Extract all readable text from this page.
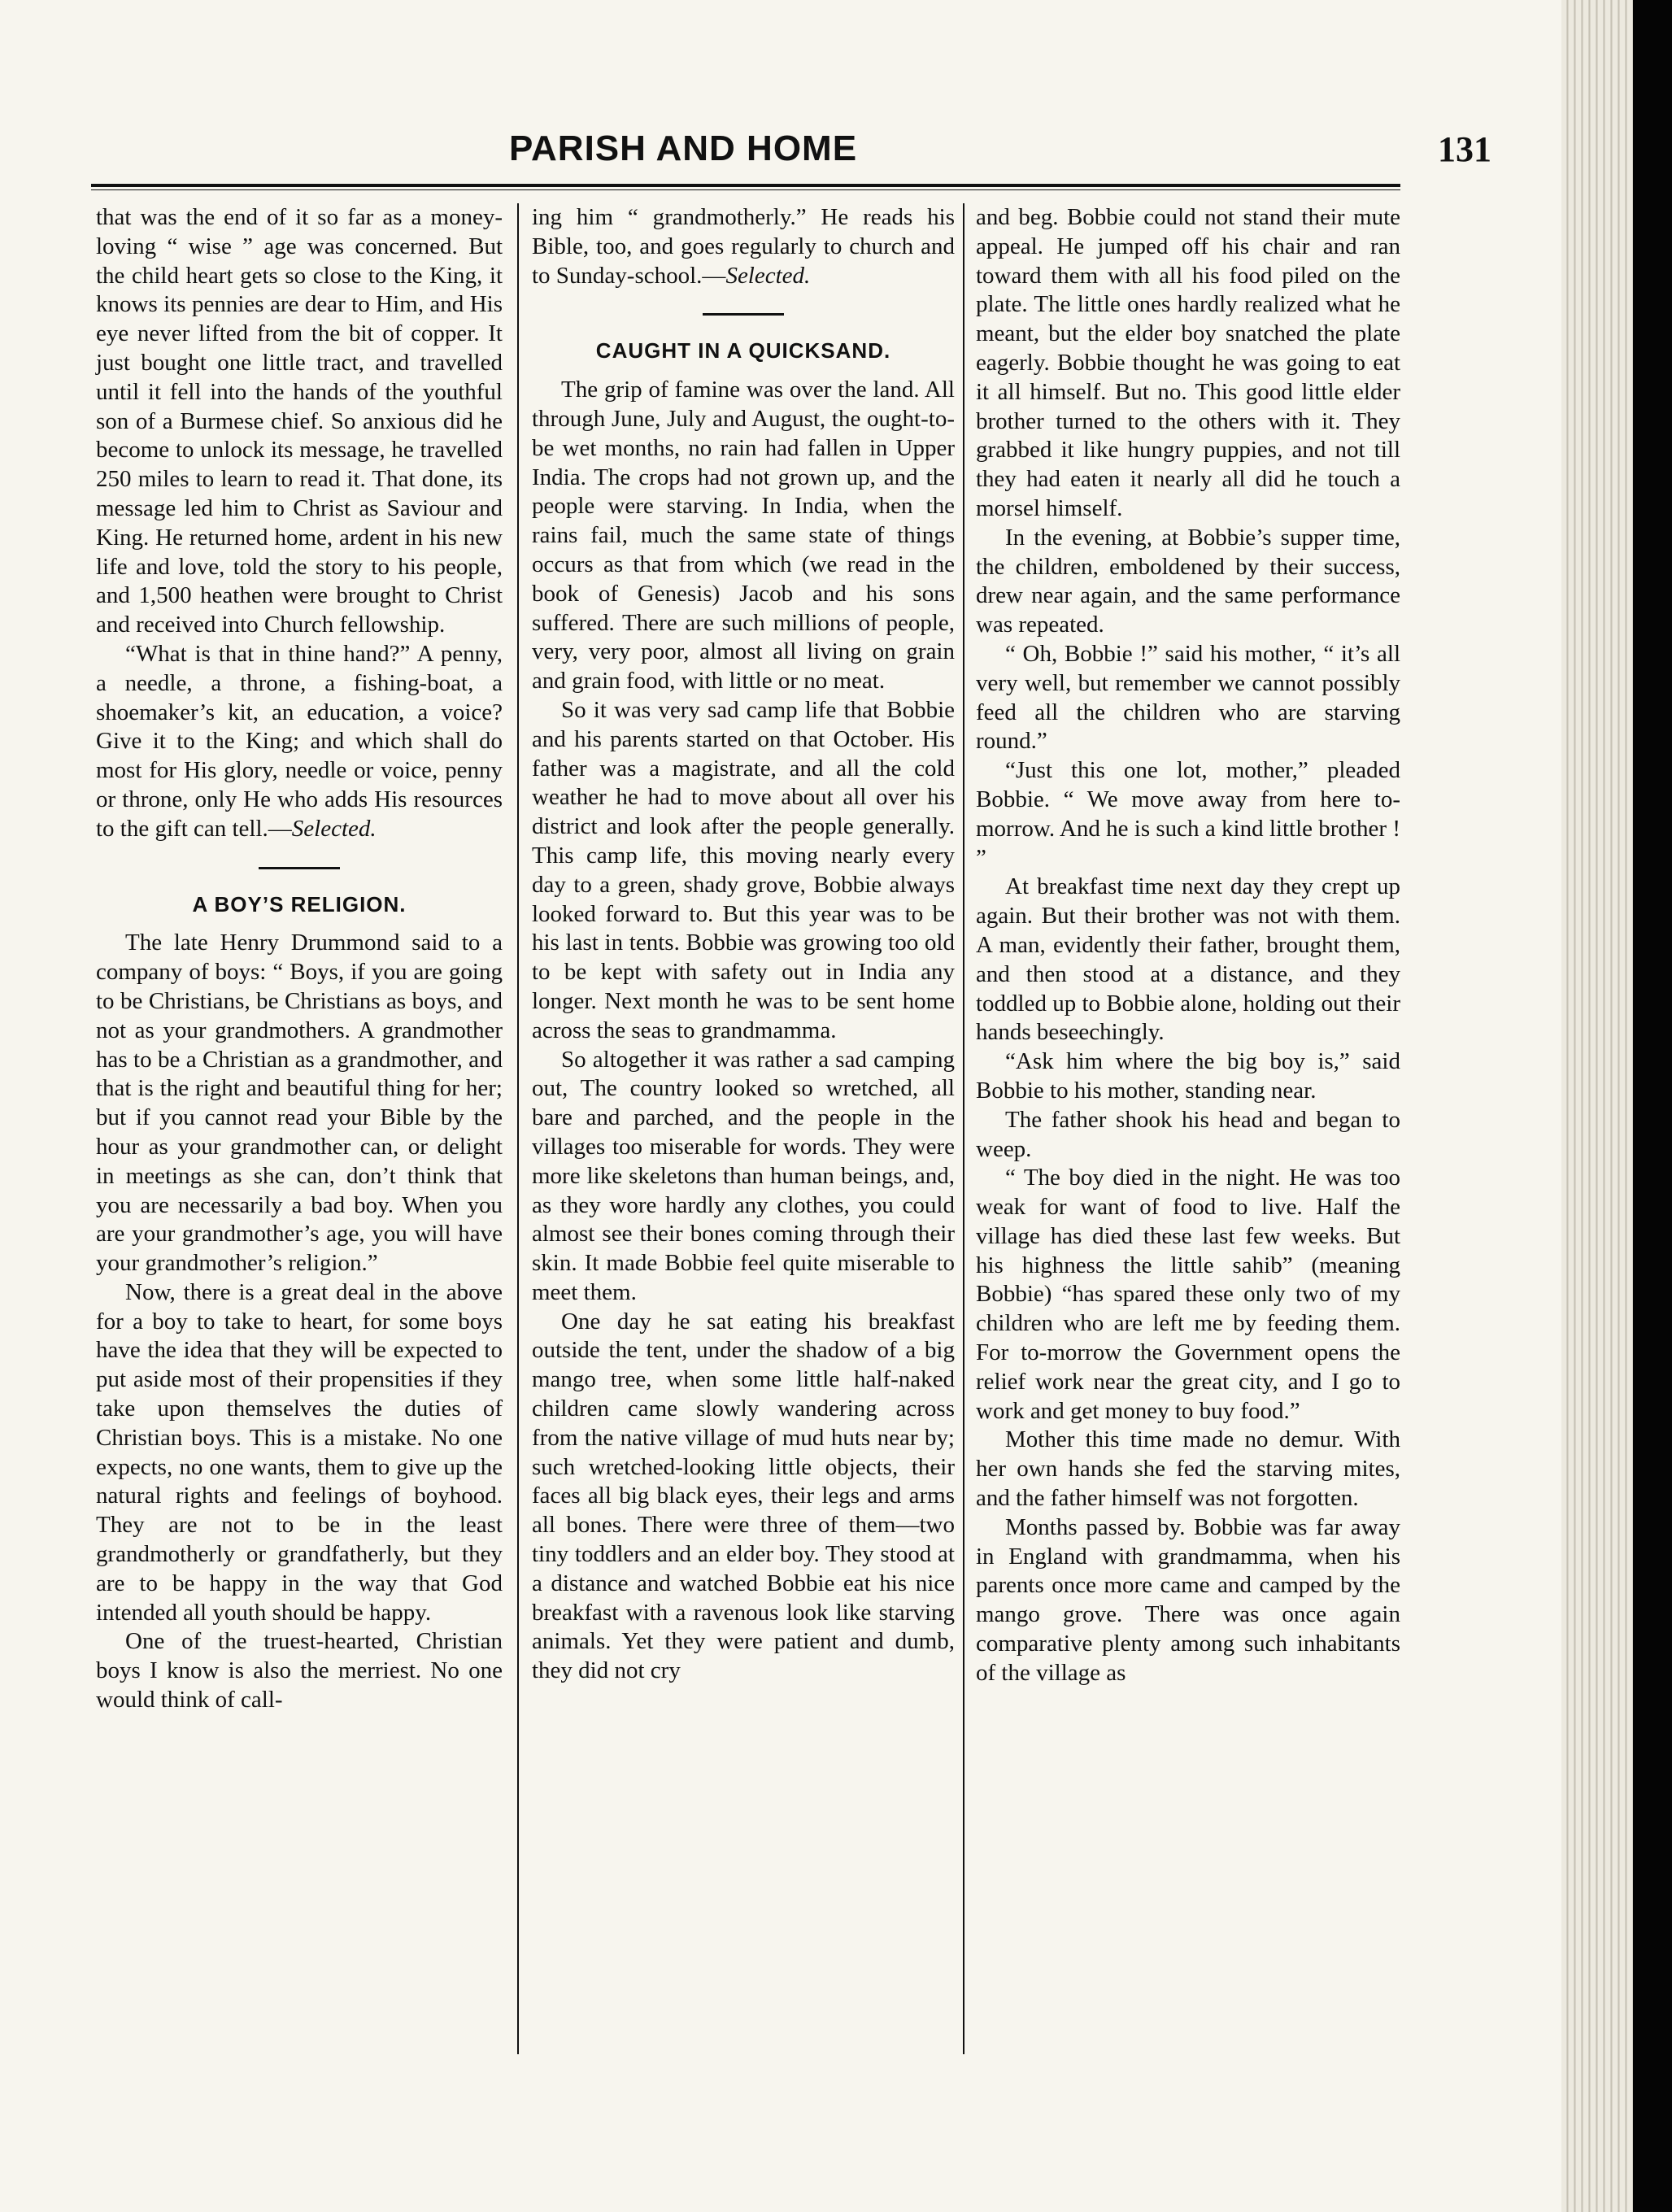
PARISH AND HOME	131

that was the end of it so far as a money-loving “ wise ” age was concerned. But the child heart gets so close to the King, it knows its pennies are dear to Him, and His eye never lifted from the bit of copper. It just bought one little tract, and travelled until it fell into the hands of the youthful son of a Burmese chief. So anxious did he become to unlock its message, he travelled 250 miles to learn to read it. That done, its message led him to Christ as Saviour and King. He returned home, ardent in his new life and love, told the story to his people, and 1,500 heathen were brought to Christ and received into Church fellowship.

“What is that in thine hand?” A penny, a needle, a throne, a fishing-boat, a shoemaker’s kit, an education, a voice? Give it to the King; and which shall do most for His glory, needle or voice, penny or throne, only He who adds His resources to the gift can tell.—Selected.

A BOY’S RELIGION.

The late Henry Drummond said to a company of boys: “ Boys, if you are going to be Christians, be Christians as boys, and not as your grandmothers. A grandmother has to be a Christian as a grandmother, and that is the right and beautiful thing for her; but if you cannot read your Bible by the hour as your grandmother can, or delight in meetings as she can, don’t think that you are necessarily a bad boy. When you are your grandmother’s age, you will have your grandmother’s religion.”

Now, there is a great deal in the above for a boy to take to heart, for some boys have the idea that they will be expected to put aside most of their propensities if they take upon themselves the duties of Christian boys. This is a mistake. No one expects, no one wants, them to give up the natural rights and feelings of boyhood. They are not to be in the least grandmotherly or grandfatherly, but they are to be happy in the way that God intended all youth should be happy.

One of the truest-hearted, Christian boys I know is also the merriest. No one would think of call-

ing him “ grandmotherly.” He reads his Bible, too, and goes regularly to church and to Sunday-school.—Selected.

CAUGHT IN A QUICKSAND.

The grip of famine was over the land. All through June, July and August, the ought-to-be wet months, no rain had fallen in Upper India. The crops had not grown up, and the people were starving. In India, when the rains fail, much the same state of things occurs as that from which (we read in the book of Genesis) Jacob and his sons suffered. There are such millions of people, very, very poor, almost all living on grain and grain food, with little or no meat.

So it was very sad camp life that Bobbie and his parents started on that October. His father was a magistrate, and all the cold weather he had to move about all over his district and look after the people generally. This camp life, this moving nearly every day to a green, shady grove, Bobbie always looked forward to. But this year was to be his last in tents. Bobbie was growing too old to be kept with safety out in India any longer. Next month he was to be sent home across the seas to grandmamma.

So altogether it was rather a sad camping out, The country looked so wretched, all bare and parched, and the people in the villages too miserable for words. They were more like skeletons than human beings, and, as they wore hardly any clothes, you could almost see their bones coming through their skin. It made Bobbie feel quite miserable to meet them.

One day he sat eating his breakfast outside the tent, under the shadow of a big mango tree, when some little half-naked children came slowly wandering across from the native village of mud huts near by; such wretched-looking little objects, their faces all big black eyes, their legs and arms all bones. There were three of them—two tiny toddlers and an elder boy. They stood at a distance and watched Bobbie eat his nice breakfast with a ravenous look like starving animals. Yet they were patient and dumb, they did not cry

and beg. Bobbie could not stand their mute appeal. He jumped off his chair and ran toward them with all his food piled on the plate. The little ones hardly realized what he meant, but the elder boy snatched the plate eagerly. Bobbie thought he was going to eat it all himself. But no. This good little elder brother turned to the others with it. They grabbed it like hungry puppies, and not till they had eaten it nearly all did he touch a morsel himself.

In the evening, at Bobbie’s supper time, the children, emboldened by their success, drew near again, and the same performance was repeated.

“ Oh, Bobbie !” said his mother, “ it’s all very well, but remember we cannot possibly feed all the children who are starving round.”

“Just this one lot, mother,” pleaded Bobbie. “ We move away from here to-morrow. And he is such a kind little brother ! ”

At breakfast time next day they crept up again. But their brother was not with them. A man, evidently their father, brought them, and then stood at a distance, and they toddled up to Bobbie alone, holding out their hands beseechingly.

“Ask him where the big boy is,” said Bobbie to his mother, standing near.

The father shook his head and began to weep.

“ The boy died in the night. He was too weak for want of food to live. Half the village has died these last few weeks. But his highness the little sahib” (meaning Bobbie) “has spared these only two of my children who are left me by feeding them. For to-morrow the Government opens the relief work near the great city, and I go to work and get money to buy food.”

Mother this time made no demur. With her own hands she fed the starving mites, and the father himself was not forgotten.

Months passed by. Bobbie was far away in England with grandmamma, when his parents once more came and camped by the mango grove. There was once again comparative plenty among such inhabitants of the village as
